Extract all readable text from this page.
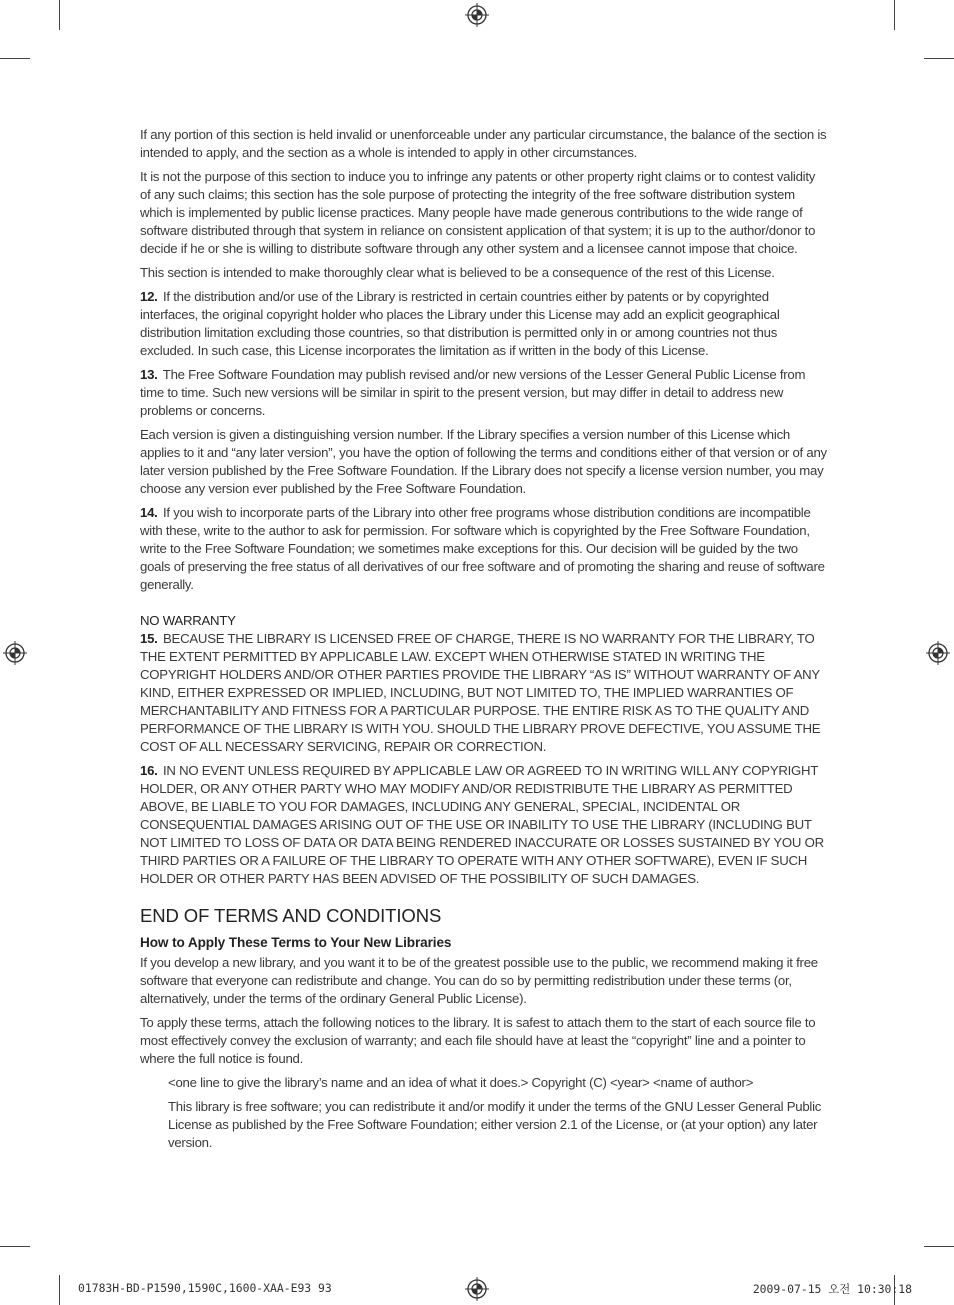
If any portion of this section is held invalid or unenforceable under any particular circumstance, the balance of the section is intended to apply, and the section as a whole is intended to apply in other circumstances.

It is not the purpose of this section to induce you to infringe any patents or other property right claims or to contest validity of any such claims; this section has the sole purpose of protecting the integrity of the free software distribution system which is implemented by public license practices. Many people have made generous contributions to the wide range of software distributed through that system in reliance on consistent application of that system; it is up to the author/donor to decide if he or she is willing to distribute software through any other system and a licensee cannot impose that choice.

This section is intended to make thoroughly clear what is believed to be a consequence of the rest of this License.

12. If the distribution and/or use of the Library is restricted in certain countries either by patents or by copyrighted interfaces, the original copyright holder who places the Library under this License may add an explicit geographical distribution limitation excluding those countries, so that distribution is permitted only in or among countries not thus excluded. In such case, this License incorporates the limitation as if written in the body of this License.

13. The Free Software Foundation may publish revised and/or new versions of the Lesser General Public License from time to time. Such new versions will be similar in spirit to the present version, but may differ in detail to address new problems or concerns.

Each version is given a distinguishing version number. If the Library specifies a version number of this License which applies to it and “any later version”, you have the option of following the terms and conditions either of that version or of any later version published by the Free Software Foundation. If the Library does not specify a license version number, you may choose any version ever published by the Free Software Foundation.

14. If you wish to incorporate parts of the Library into other free programs whose distribution conditions are incompatible with these, write to the author to ask for permission. For software which is copyrighted by the Free Software Foundation, write to the Free Software Foundation; we sometimes make exceptions for this. Our decision will be guided by the two goals of preserving the free status of all derivatives of our free software and of promoting the sharing and reuse of software generally.

NO WARRANTY

15. BECAUSE THE LIBRARY IS LICENSED FREE OF CHARGE, THERE IS NO WARRANTY FOR THE LIBRARY, TO THE EXTENT PERMITTED BY APPLICABLE LAW. EXCEPT WHEN OTHERWISE STATED IN WRITING THE COPYRIGHT HOLDERS AND/OR OTHER PARTIES PROVIDE THE LIBRARY “AS IS” WITHOUT WARRANTY OF ANY KIND, EITHER EXPRESSED OR IMPLIED, INCLUDING, BUT NOT LIMITED TO, THE IMPLIED WARRANTIES OF MERCHANTABILITY AND FITNESS FOR A PARTICULAR PURPOSE. THE ENTIRE RISK AS TO THE QUALITY AND PERFORMANCE OF THE LIBRARY IS WITH YOU. SHOULD THE LIBRARY PROVE DEFECTIVE, YOU ASSUME THE COST OF ALL NECESSARY SERVICING, REPAIR OR CORRECTION.

16. IN NO EVENT UNLESS REQUIRED BY APPLICABLE LAW OR AGREED TO IN WRITING WILL ANY COPYRIGHT HOLDER, OR ANY OTHER PARTY WHO MAY MODIFY AND/OR REDISTRIBUTE THE LIBRARY AS PERMITTED ABOVE, BE LIABLE TO YOU FOR DAMAGES, INCLUDING ANY GENERAL, SPECIAL, INCIDENTAL OR CONSEQUENTIAL DAMAGES ARISING OUT OF THE USE OR INABILITY TO USE THE LIBRARY (INCLUDING BUT NOT LIMITED TO LOSS OF DATA OR DATA BEING RENDERED INACCURATE OR LOSSES SUSTAINED BY YOU OR THIRD PARTIES OR A FAILURE OF THE LIBRARY TO OPERATE WITH ANY OTHER SOFTWARE), EVEN IF SUCH HOLDER OR OTHER PARTY HAS BEEN ADVISED OF THE POSSIBILITY OF SUCH DAMAGES.

END OF TERMS AND CONDITIONS

How to Apply These Terms to Your New Libraries

If you develop a new library, and you want it to be of the greatest possible use to the public, we recommend making it free software that everyone can redistribute and change. You can do so by permitting redistribution under these terms (or, alternatively, under the terms of the ordinary General Public License).

To apply these terms, attach the following notices to the library. It is safest to attach them to the start of each source file to most effectively convey the exclusion of warranty; and each file should have at least the “copyright” line and a pointer to where the full notice is found.

<one line to give the library’s name and an idea of what it does.> Copyright (C) <year> <name of author>

This library is free software; you can redistribute it and/or modify it under the terms of the GNU Lesser General Public License as published by the Free Software Foundation; either version 2.1 of the License, or (at your option) any later version.

01783H-BD-P1590,1590C,1600-XAA-E93 93	2009-07-15 오전 10:30:18
